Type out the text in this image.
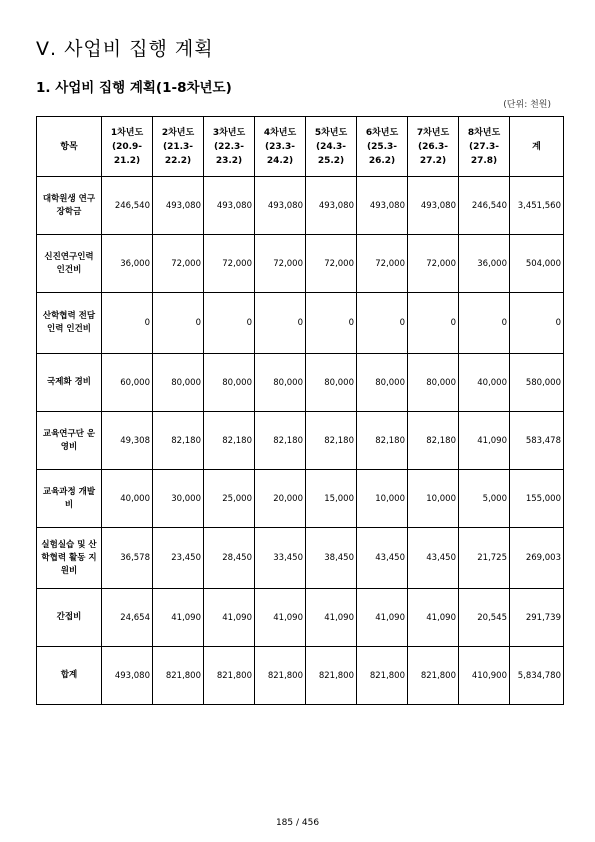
Ⅴ. 사업비 집행 계획
1. 사업비 집행 계획(1-8차년도)
(단위: 천원)
항목	1차년도 (20.9-21.2)	2차년도 (21.3-22.2)	3차년도 (22.3-23.2)	4차년도 (23.3-24.2)	5차년도 (24.3-25.2)	6차년도 (25.3-26.2)	7차년도 (26.3-27.2)	8차년도 (27.3-27.8)	계
대학원생 연구장학금	246,540	493,080	493,080	493,080	493,080	493,080	493,080	246,540	3,451,560
신진연구인력 인건비	36,000	72,000	72,000	72,000	72,000	72,000	72,000	36,000	504,000
산학협력 전담인력 인건비	0	0	0	0	0	0	0	0	0
국제화 경비	60,000	80,000	80,000	80,000	80,000	80,000	80,000	40,000	580,000
교육연구단 운영비	49,308	82,180	82,180	82,180	82,180	82,180	82,180	41,090	583,478
교육과정 개발비	40,000	30,000	25,000	20,000	15,000	10,000	10,000	5,000	155,000
실험실습 및 산학협력 활동 지원비	36,578	23,450	28,450	33,450	38,450	43,450	43,450	21,725	269,003
간접비	24,654	41,090	41,090	41,090	41,090	41,090	41,090	20,545	291,739
합계	493,080	821,800	821,800	821,800	821,800	821,800	821,800	410,900	5,834,780
185 / 456
